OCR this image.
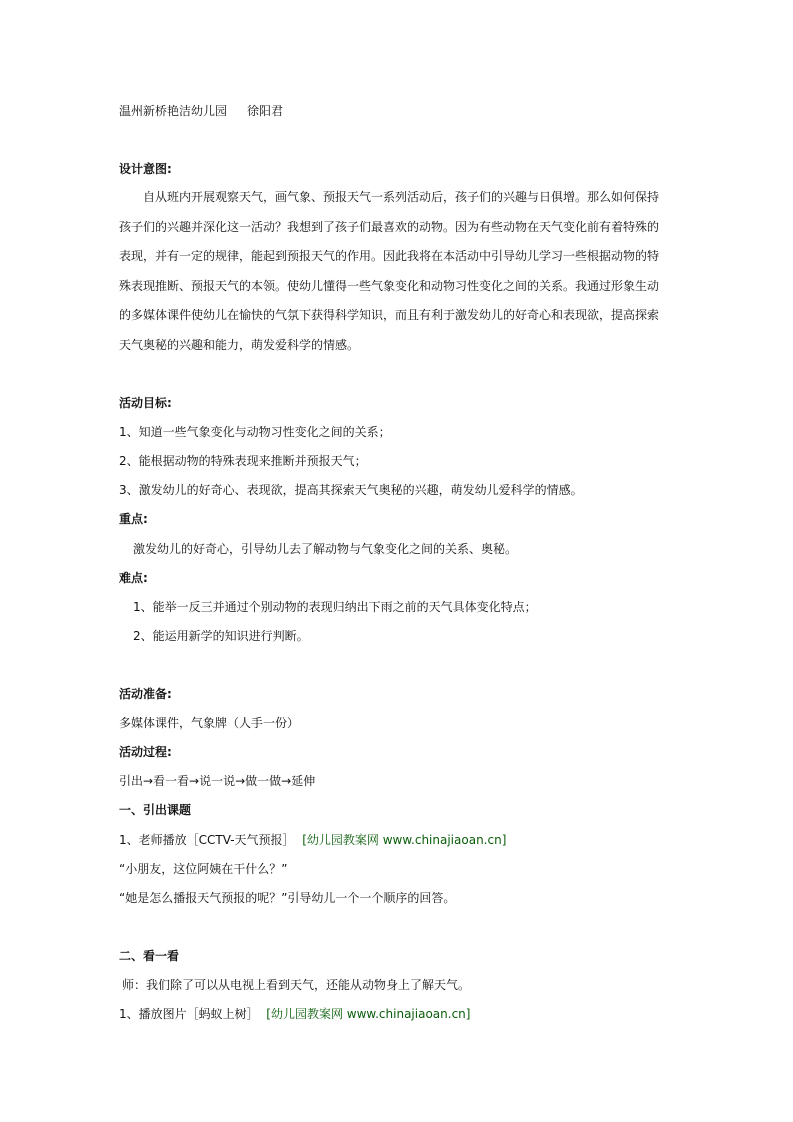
温州新桥艳洁幼儿园 徐阳君
设计意图:
自从班内开展观察天气，画气象、预报天气一系列活动后，孩子们的兴趣与日俱增。那么如何保持孩子们的兴趣并深化这一活动？我想到了孩子们最喜欢的动物。因为有些动物在天气变化前有着特殊的表现，并有一定的规律，能起到预报天气的作用。因此我将在本活动中引导幼儿学习一些根据动物的特殊表现推断、预报天气的本领。使幼儿懂得一些气象变化和动物习性变化之间的关系。我通过形象生动的多媒体课件使幼儿在愉快的气氛下获得科学知识，而且有利于激发幼儿的好奇心和表现欲，提高探索天气奥秘的兴趣和能力，萌发爱科学的情感。
活动目标:
1、知道一些气象变化与动物习性变化之间的关系；
2、能根据动物的特殊表现来推断并预报天气；
3、激发幼儿的好奇心、表现欲，提高其探索天气奥秘的兴趣，萌发幼儿爱科学的情感。
重点:
激发幼儿的好奇心，引导幼儿去了解动物与气象变化之间的关系、奥秘。
难点:
1、能举一反三并通过个别动物的表现归纳出下雨之前的天气具体变化特点；
2、能运用新学的知识进行判断。
活动准备:
多媒体课件，气象牌（人手一份）
活动过程:
引出→看一看→说一说→做一做→延伸
一、引出课题
1、老师播放［CCTV-天气预报］ [幼儿园教案网 www.chinajiaoan.cn]
“小朋友，这位阿姨在干什么？”
“她是怎么播报天气预报的呢？”引导幼儿一个一个顺序的回答。
二、看一看
师：我们除了可以从电视上看到天气，还能从动物身上了解天气。
1、播放图片［蚂蚁上树］ [幼儿园教案网 www.chinajiaoan.cn]
